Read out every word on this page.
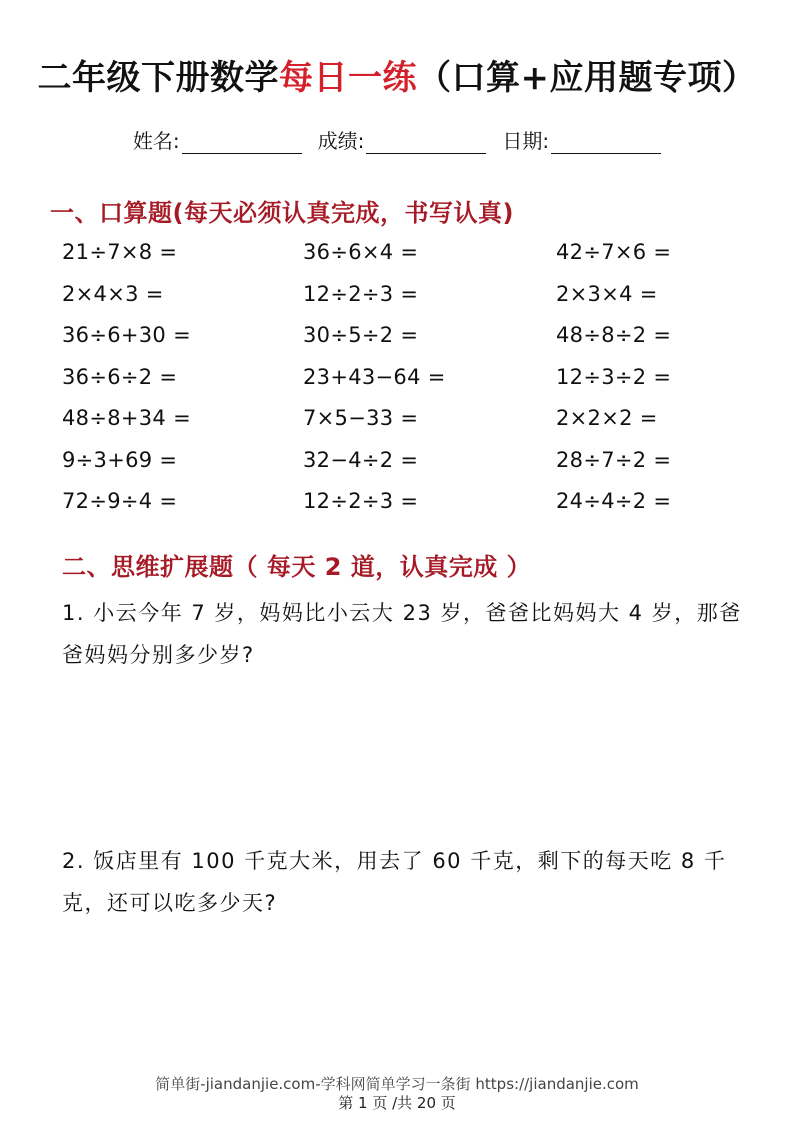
二年级下册数学每日一练（口算+应用题专项）
姓名:	成绩:	日期:
一、口算题(每天必须认真完成，书写认真)
21÷7×8 =	36÷6×4 =	42÷7×6 =
2×4×3 =	12÷2÷3 =	2×3×4 =
36÷6+30 =	30÷5÷2 =	48÷8÷2 =
36÷6÷2 =	23+43−64 =	12÷3÷2 =
48÷8+34 =	7×5−33 =	2×2×2 =
9÷3+69 =	32−4÷2 =	28÷7÷2 =
72÷9÷4 =	12÷2÷3 =	24÷4÷2 =
二、思维扩展题（ 每天 2 道，认真完成 ）
1. 小云今年 7 岁，妈妈比小云大 23 岁，爸爸比妈妈大 4 岁，那爸爸妈妈分别多少岁?
2. 饭店里有 100 千克大米，用去了 60 千克，剩下的每天吃 8 千克，还可以吃多少天?
简单街-jiandanjie.com-学科网简单学习一条街 https://jiandanjie.com
第 1 页 /共 20 页
